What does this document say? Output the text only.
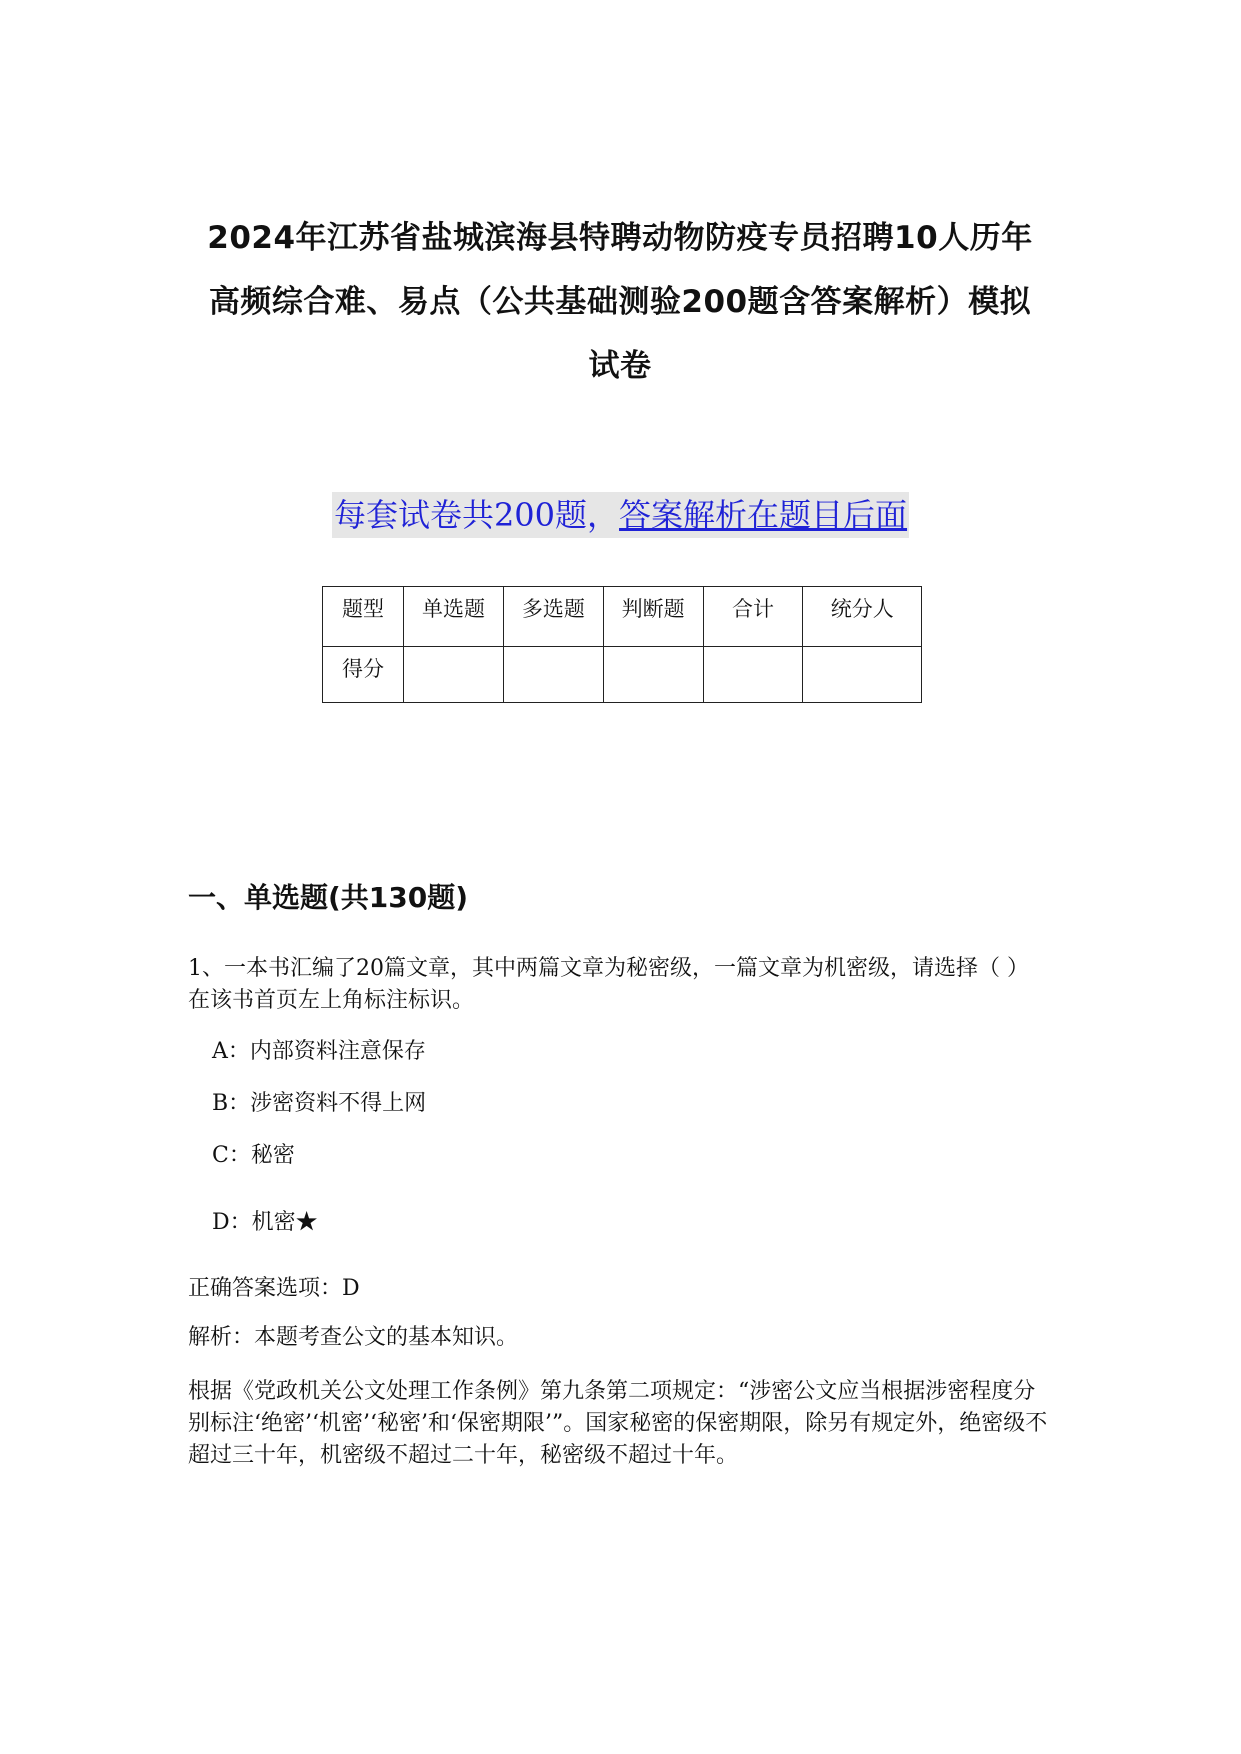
2024年江苏省盐城滨海县特聘动物防疫专员招聘10人历年
高频综合难、易点（公共基础测验200题含答案解析）模拟
试卷
每套试卷共200题，答案解析在题目后面
题型	单选题	多选题	判断题	合计	统分人
得分					
一、单选题(共130题)
1、一本书汇编了20篇文章，其中两篇文章为秘密级，一篇文章为机密级，请选择（ ）在该书首页左上角标注标识。
A：内部资料注意保存
B：涉密资料不得上网
C：秘密
D：机密★
正确答案选项：D
解析：本题考查公文的基本知识。
根据《党政机关公文处理工作条例》第九条第二项规定：“涉密公文应当根据涉密程度分别标注‘绝密’‘机密’‘秘密’和‘保密期限’”。国家秘密的保密期限，除另有规定外，绝密级不超过三十年，机密级不超过二十年，秘密级不超过十年。
